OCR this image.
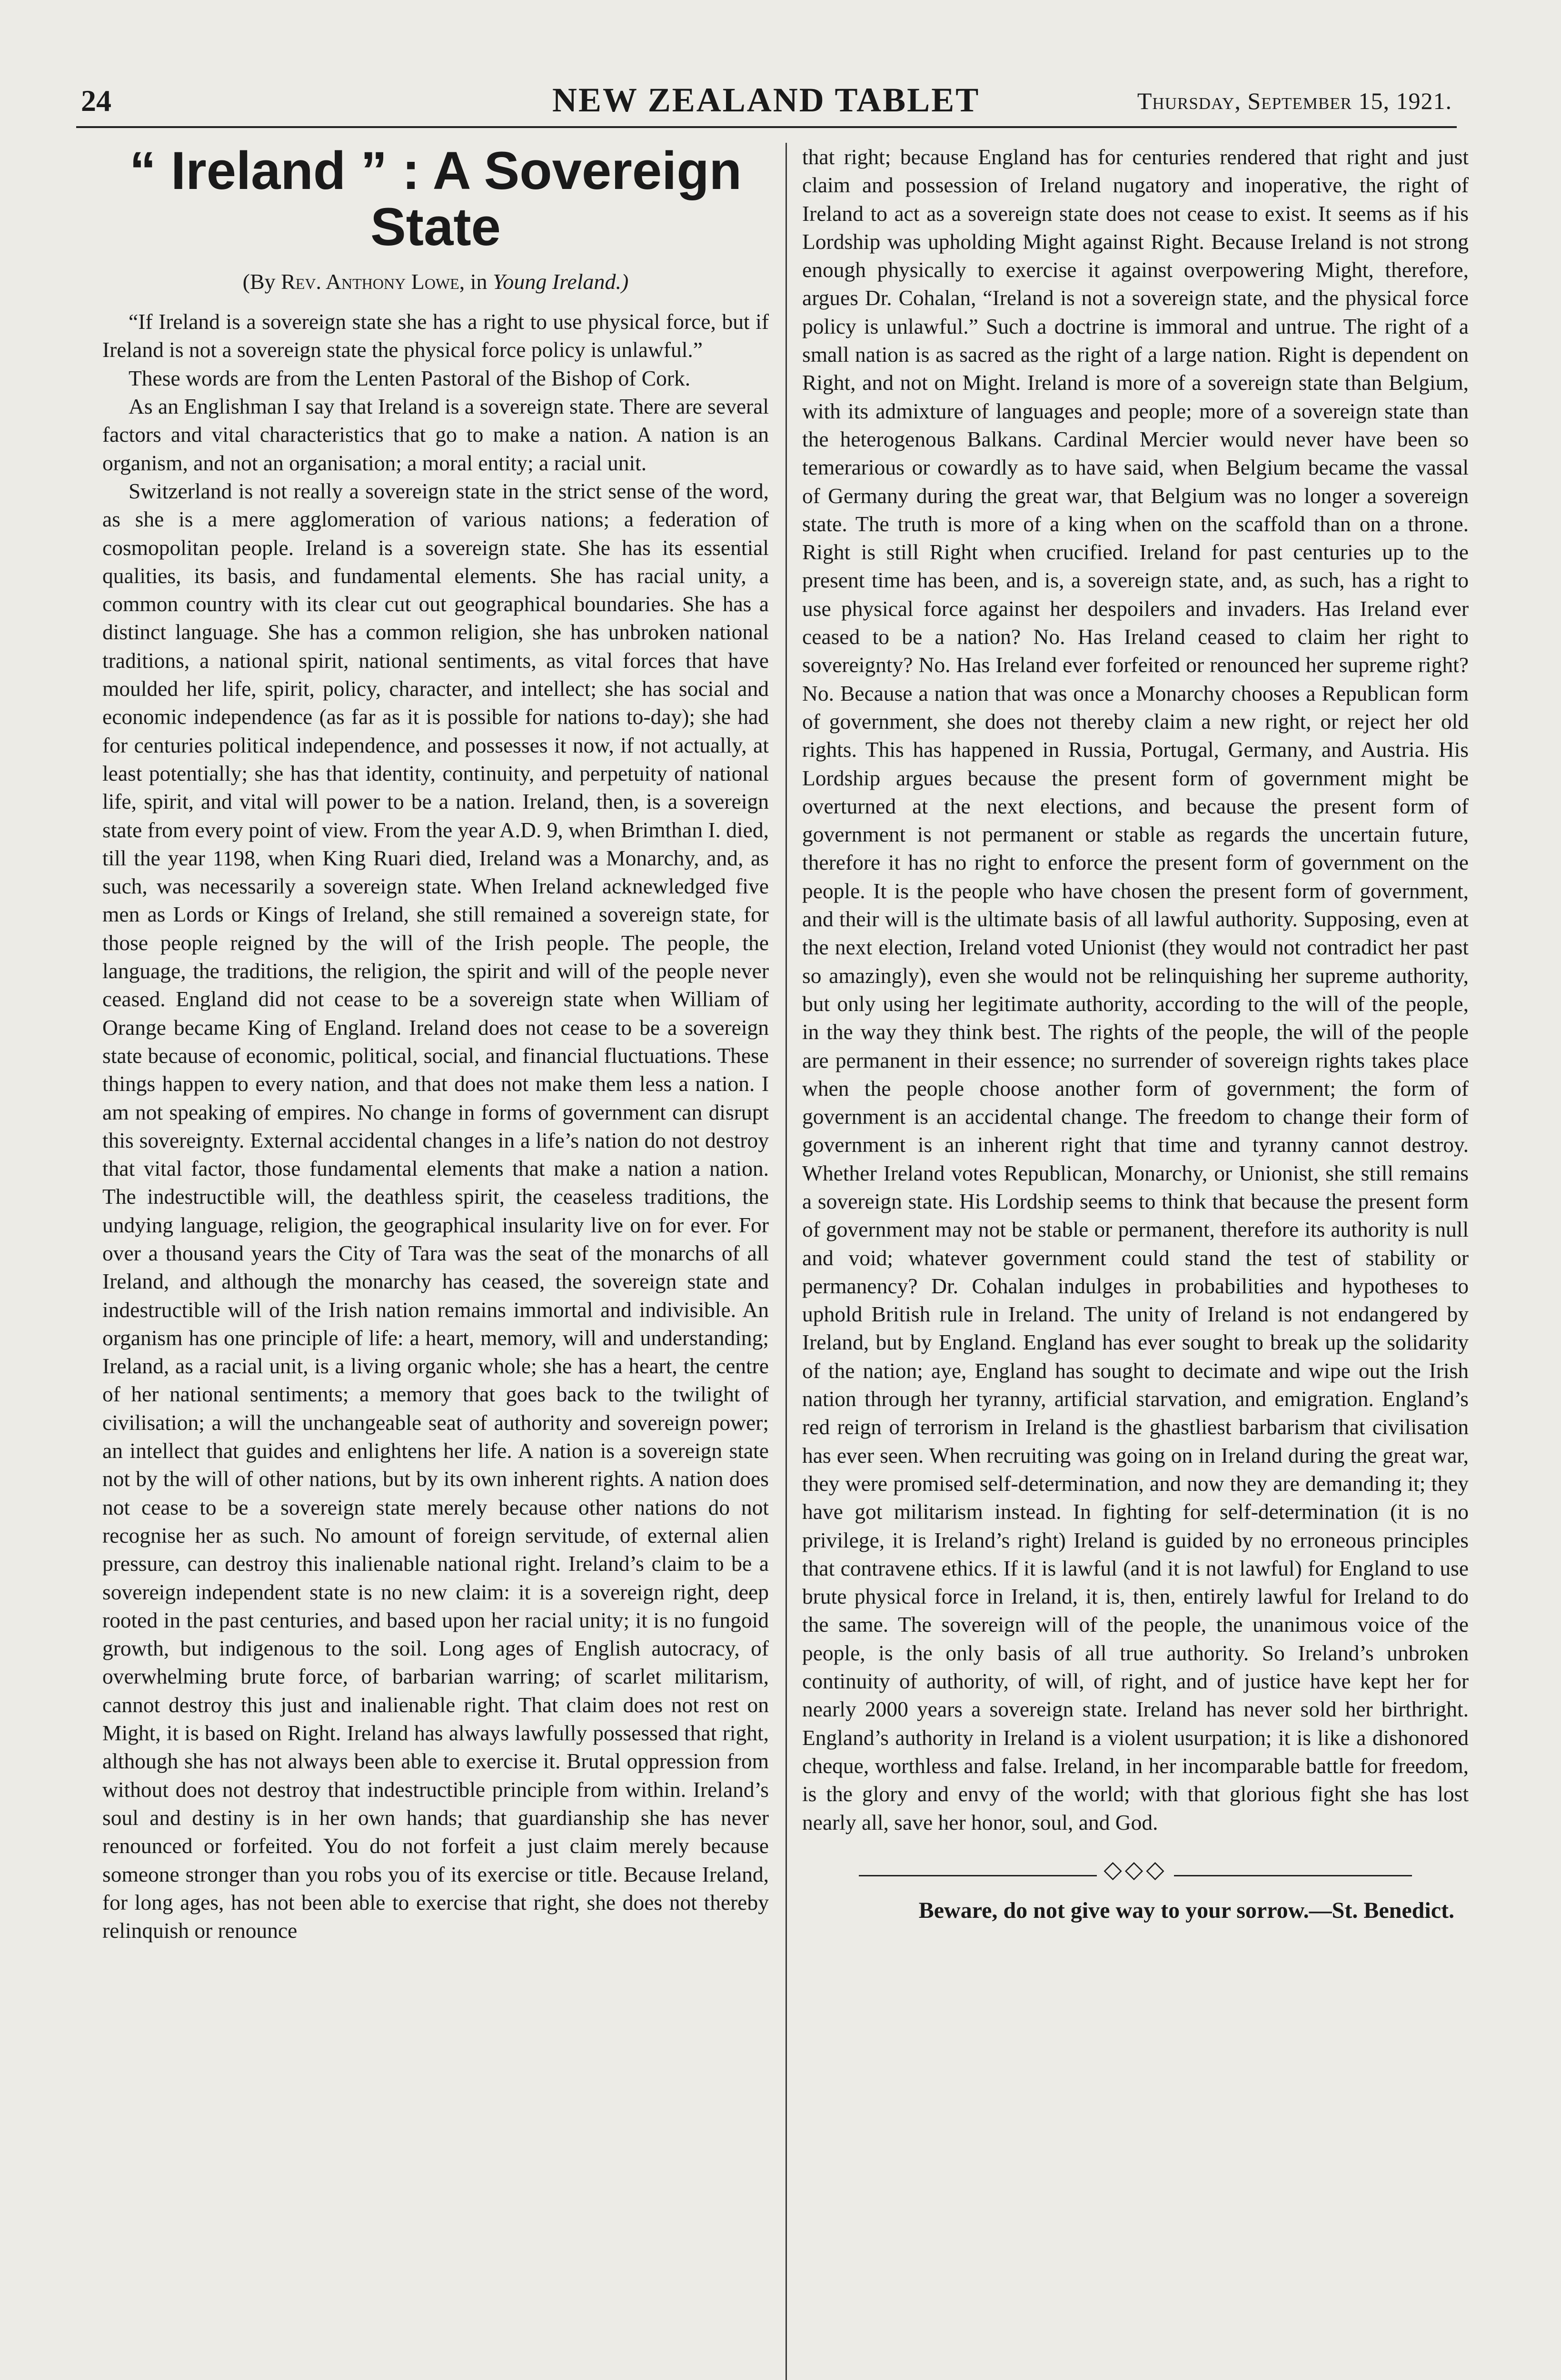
24	NEW ZEALAND TABLET	Thursday, September 15, 1921.
“ Ireland ” : A Sovereign State
(By Rev. Anthony Lowe, in Young Ireland.)

“If Ireland is a sovereign state she has a right to use physical force, but if Ireland is not a sovereign state the physical force policy is unlawful.”

These words are from the Lenten Pastoral of the Bishop of Cork.

As an Englishman I say that Ireland is a sovereign state. There are several factors and vital characteristics that go to make a nation. A nation is an organism, and not an organisation; a moral entity; a racial unit.

Switzerland is not really a sovereign state in the strict sense of the word, as she is a mere agglomeration of various nations; a federation of cosmopolitan people. Ireland is a sovereign state. She has its essential qualities, its basis, and fundamental elements. She has racial unity, a common country with its clear cut out geographical boundaries. She has a distinct language. She has a common religion, she has unbroken national traditions, a national spirit, national sentiments, as vital forces that have moulded her life, spirit, policy, character, and intellect; she has social and economic independence (as far as it is possible for nations to-day); she had for centuries political independence, and possesses it now, if not actually, at least potentially; she has that identity, continuity, and perpetuity of national life, spirit, and vital will power to be a nation. Ireland, then, is a sovereign state from every point of view. From the year A.D. 9, when Brimthan I. died, till the year 1198, when King Ruari died, Ireland was a Monarchy, and, as such, was necessarily a sovereign state. When Ireland acknewledged five men as Lords or Kings of Ireland, she still remained a sovereign state, for those people reigned by the will of the Irish people. The people, the language, the traditions, the religion, the spirit and will of the people never ceased. England did not cease to be a sovereign state when William of Orange became King of England. Ireland does not cease to be a sovereign state because of economic, political, social, and financial fluctuations. These things happen to every nation, and that does not make them less a nation. I am not speaking of empires. No change in forms of government can disrupt this sovereignty. External accidental changes in a life’s nation do not destroy that vital factor, those fundamental elements that make a nation a nation. The indestructible will, the deathless spirit, the ceaseless traditions, the undying language, religion, the geographical insularity live on for ever. For over a thousand years the City of Tara was the seat of the monarchs of all Ireland, and although the monarchy has ceased, the sovereign state and indestructible will of the Irish nation remains immortal and indivisible. An organism has one principle of life: a heart, memory, will and understanding; Ireland, as a racial unit, is a living organic whole; she has a heart, the centre of her national sentiments; a memory that goes back to the twilight of civilisation; a will the unchangeable seat of authority and sovereign power; an intellect that guides and enlightens her life. A nation is a sovereign state not by the will of other nations, but by its own inherent rights. A nation does not cease to be a sovereign state merely because other nations do not recognise her as such. No amount of foreign servitude, of external alien pressure, can destroy this inalienable national right. Ireland’s claim to be a sovereign independent state is no new claim: it is a sovereign right, deep rooted in the past centuries, and based upon her racial unity; it is no fungoid growth, but indigenous to the soil. Long ages of English autocracy, of overwhelming brute force, of barbarian warring; of scarlet militarism, cannot destroy this just and inalienable right. That claim does not rest on Might, it is based on Right. Ireland has always lawfully possessed that right, although she has not always been able to exercise it. Brutal oppression from without does not destroy that indestructible principle from within. Ireland’s soul and destiny is in her own hands; that guardianship she has never renounced or forfeited. You do not forfeit a just claim merely because someone stronger than you robs you of its exercise or title. Because Ireland, for long ages, has not been able to exercise that right, she does not thereby relinquish or renounce

that right; because England has for centuries rendered that right and just claim and possession of Ireland nugatory and inoperative, the right of Ireland to act as a sovereign state does not cease to exist. It seems as if his Lordship was upholding Might against Right. Because Ireland is not strong enough physically to exercise it against overpowering Might, therefore, argues Dr. Cohalan, “Ireland is not a sovereign state, and the physical force policy is unlawful.” Such a doctrine is immoral and untrue. The right of a small nation is as sacred as the right of a large nation. Right is dependent on Right, and not on Might. Ireland is more of a sovereign state than Belgium, with its admixture of languages and people; more of a sovereign state than the heterogenous Balkans. Cardinal Mercier would never have been so temerarious or cowardly as to have said, when Belgium became the vassal of Germany during the great war, that Belgium was no longer a sovereign state. The truth is more of a king when on the scaffold than on a throne. Right is still Right when crucified. Ireland for past centuries up to the present time has been, and is, a sovereign state, and, as such, has a right to use physical force against her despoilers and invaders. Has Ireland ever ceased to be a nation? No. Has Ireland ceased to claim her right to sovereignty? No. Has Ireland ever forfeited or renounced her supreme right? No. Because a nation that was once a Monarchy chooses a Republican form of government, she does not thereby claim a new right, or reject her old rights. This has happened in Russia, Portugal, Germany, and Austria. His Lordship argues because the present form of government might be overturned at the next elections, and because the present form of government is not permanent or stable as regards the uncertain future, therefore it has no right to enforce the present form of government on the people. It is the people who have chosen the present form of government, and their will is the ultimate basis of all lawful authority. Supposing, even at the next election, Ireland voted Unionist (they would not contradict her past so amazingly), even she would not be relinquishing her supreme authority, but only using her legitimate authority, according to the will of the people, in the way they think best. The rights of the people, the will of the people are permanent in their essence; no surrender of sovereign rights takes place when the people choose another form of government; the form of government is an accidental change. The freedom to change their form of government is an inherent right that time and tyranny cannot destroy. Whether Ireland votes Republican, Monarchy, or Unionist, she still remains a sovereign state. His Lordship seems to think that because the present form of government may not be stable or permanent, therefore its authority is null and void; whatever government could stand the test of stability or permanency? Dr. Cohalan indulges in probabilities and hypotheses to uphold British rule in Ireland. The unity of Ireland is not endangered by Ireland, but by England. England has ever sought to break up the solidarity of the nation; aye, England has sought to decimate and wipe out the Irish nation through her tyranny, artificial starvation, and emigration. England’s red reign of terrorism in Ireland is the ghastliest barbarism that civilisation has ever seen. When recruiting was going on in Ireland during the great war, they were promised self-determination, and now they are demanding it; they have got militarism instead. In fighting for self-determination (it is no privilege, it is Ireland’s right) Ireland is guided by no erroneous principles that contravene ethics. If it is lawful (and it is not lawful) for England to use brute physical force in Ireland, it is, then, entirely lawful for Ireland to do the same. The sovereign will of the people, the unanimous voice of the people, is the only basis of all true authority. So Ireland’s unbroken continuity of authority, of will, of right, and of justice have kept her for nearly 2000 years a sovereign state. Ireland has never sold her birthright. England’s authority in Ireland is a violent usurpation; it is like a dishonored cheque, worthless and false. Ireland, in her incomparable battle for freedom, is the glory and envy of the world; with that glorious fight she has lost nearly all, save her honor, soul, and God.

◇◇◇
Beware, do not give way to your sorrow.—St. Benedict.
